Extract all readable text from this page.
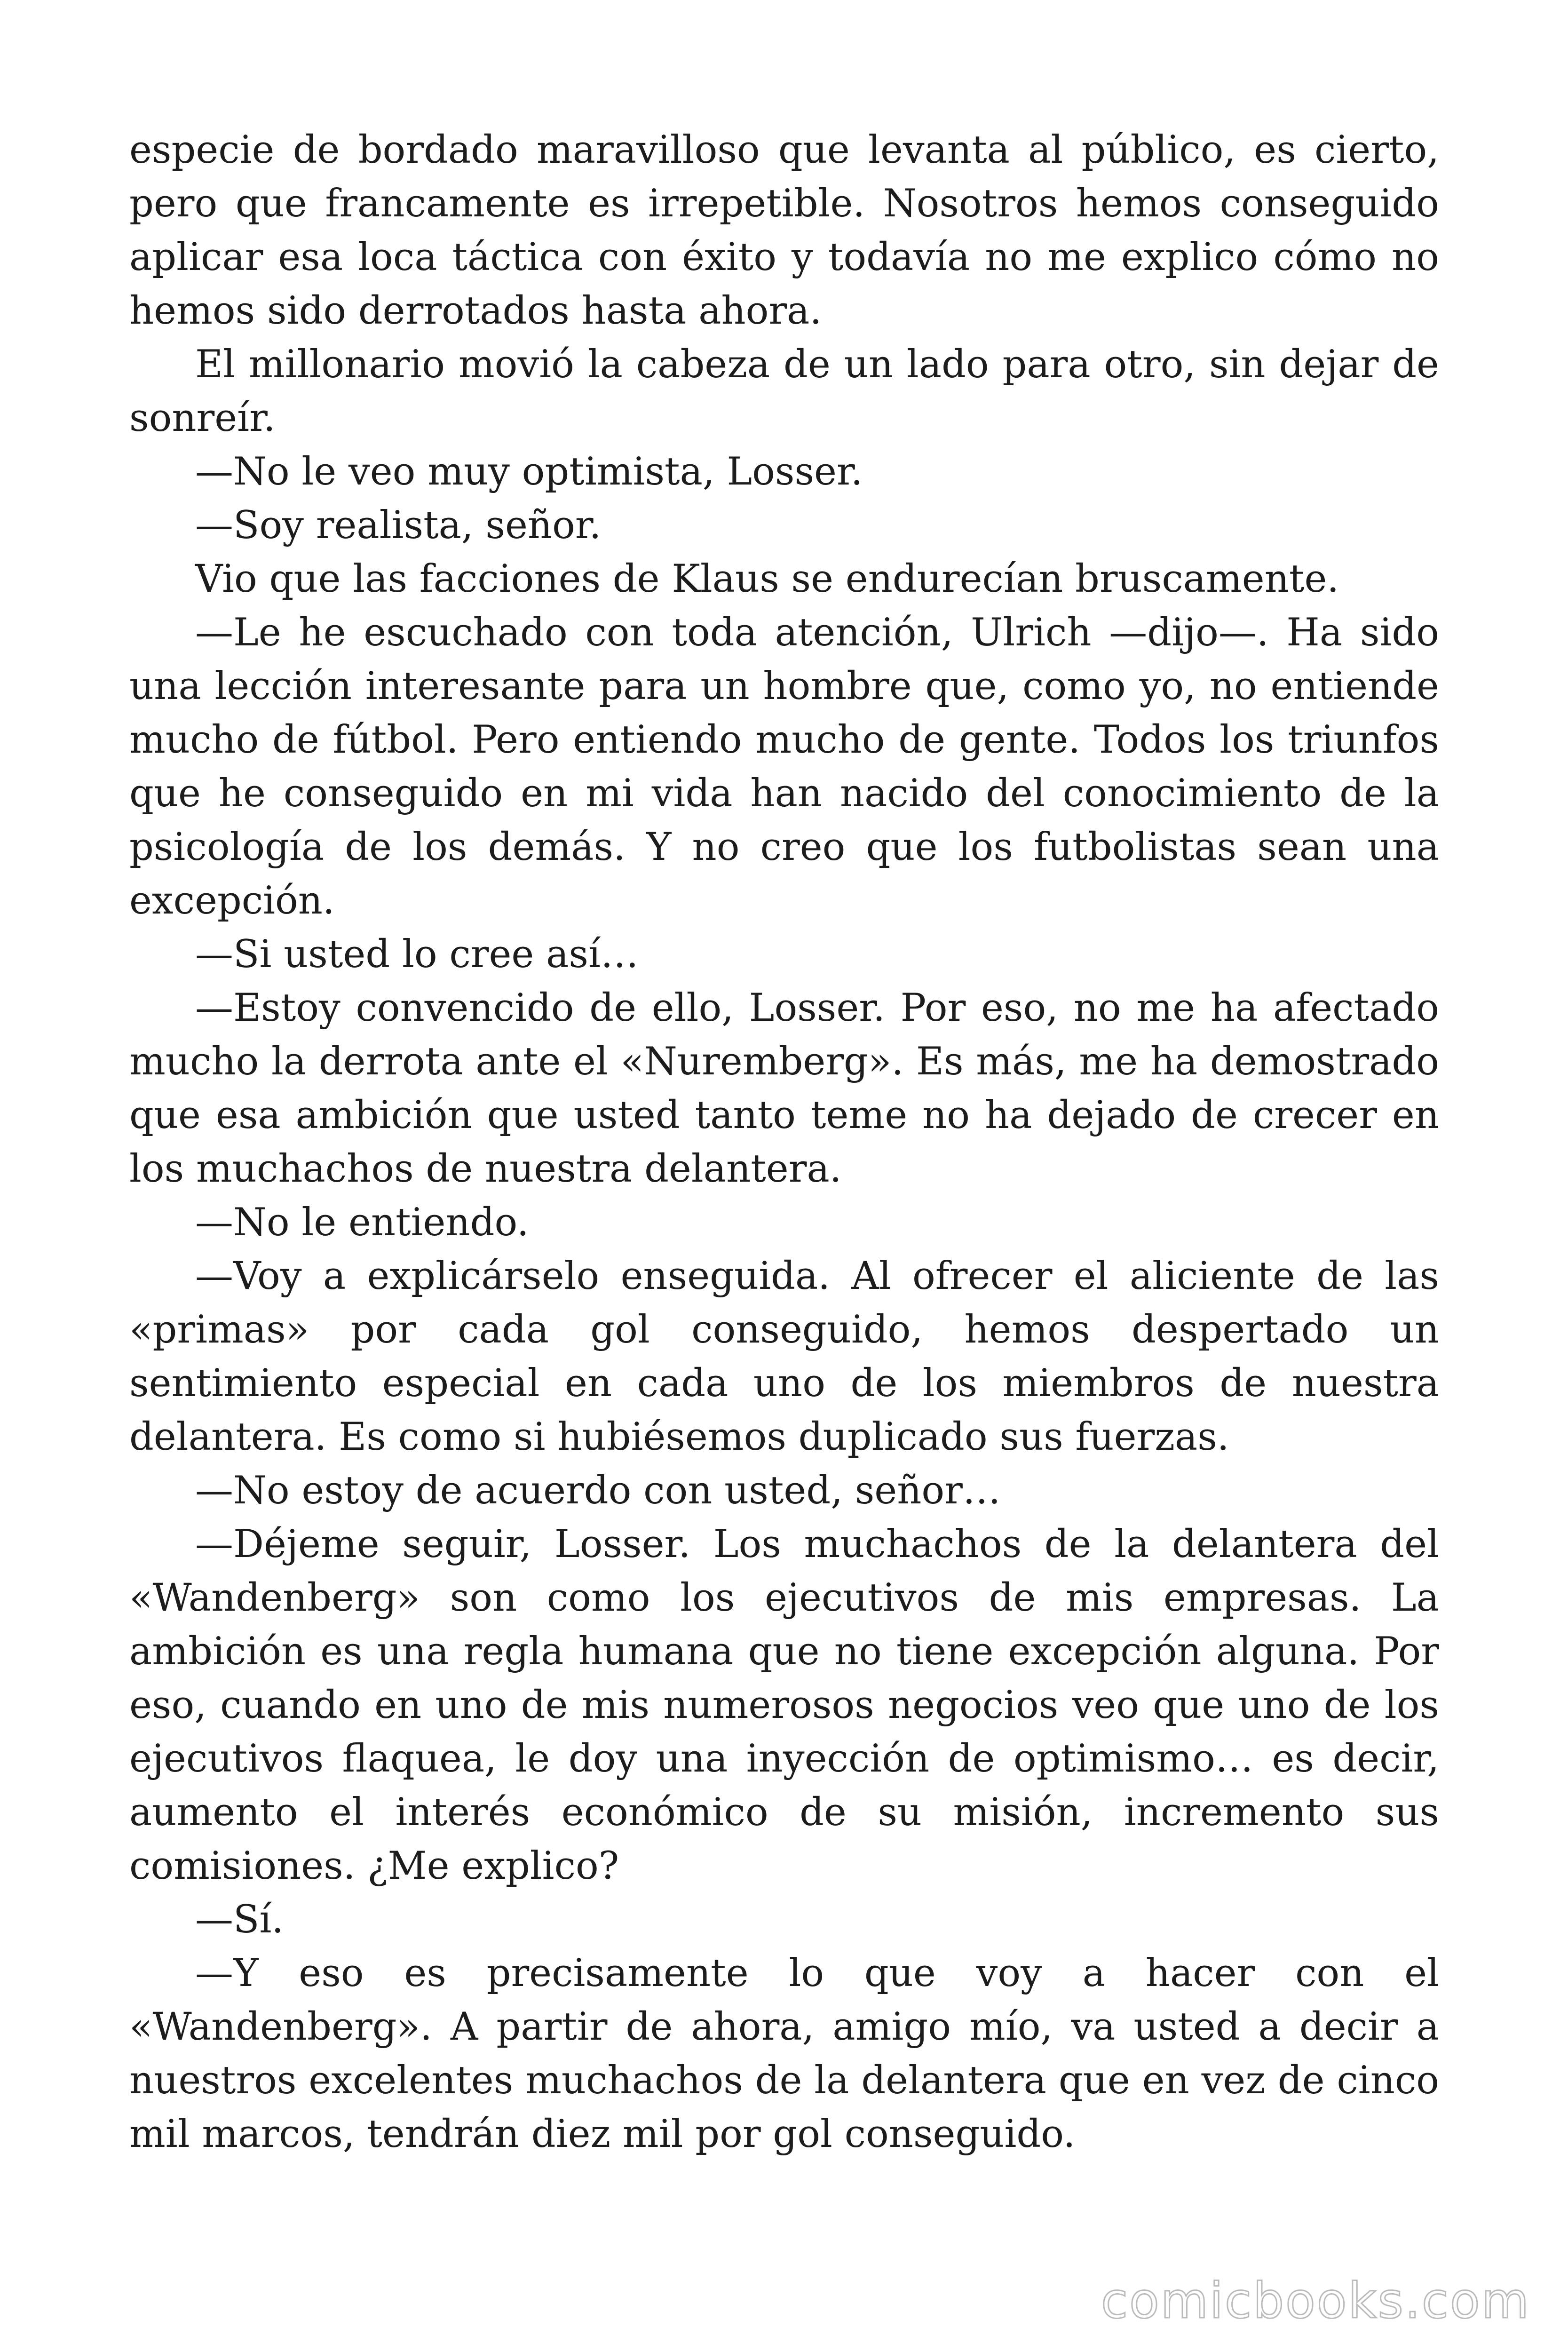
especie de bordado maravilloso que levanta al público, es cierto, pero que francamente es irrepetible. Nosotros hemos conseguido aplicar esa loca táctica con éxito y todavía no me explico cómo no hemos sido derrotados hasta ahora.

El millonario movió la cabeza de un lado para otro, sin dejar de sonreír.

—No le veo muy optimista, Losser.

—Soy realista, señor.

Vio que las facciones de Klaus se endurecían bruscamente.

—Le he escuchado con toda atención, Ulrich —dijo—. Ha sido una lección interesante para un hombre que, como yo, no entiende mucho de fútbol. Pero entiendo mucho de gente. Todos los triunfos que he conseguido en mi vida han nacido del conocimiento de la psicología de los demás. Y no creo que los futbolistas sean una excepción.

—Si usted lo cree así…

—Estoy convencido de ello, Losser. Por eso, no me ha afectado mucho la derrota ante el «Nuremberg». Es más, me ha demostrado que esa ambición que usted tanto teme no ha dejado de crecer en los muchachos de nuestra delantera.

—No le entiendo.

—Voy a explicárselo enseguida. Al ofrecer el aliciente de las «primas» por cada gol conseguido, hemos despertado un sentimiento especial en cada uno de los miembros de nuestra delantera. Es como si hubiésemos duplicado sus fuerzas.

—No estoy de acuerdo con usted, señor…

—Déjeme seguir, Losser. Los muchachos de la delantera del «Wandenberg» son como los ejecutivos de mis empresas. La ambición es una regla humana que no tiene excepción alguna. Por eso, cuando en uno de mis numerosos negocios veo que uno de los ejecutivos flaquea, le doy una inyección de optimismo… es decir, aumento el interés económico de su misión, incremento sus comisiones. ¿Me explico?

—Sí.

—Y eso es precisamente lo que voy a hacer con el «Wandenberg». A partir de ahora, amigo mío, va usted a decir a nuestros excelentes muchachos de la delantera que en vez de cinco mil marcos, tendrán diez mil por gol conseguido.

comicbooks.com
